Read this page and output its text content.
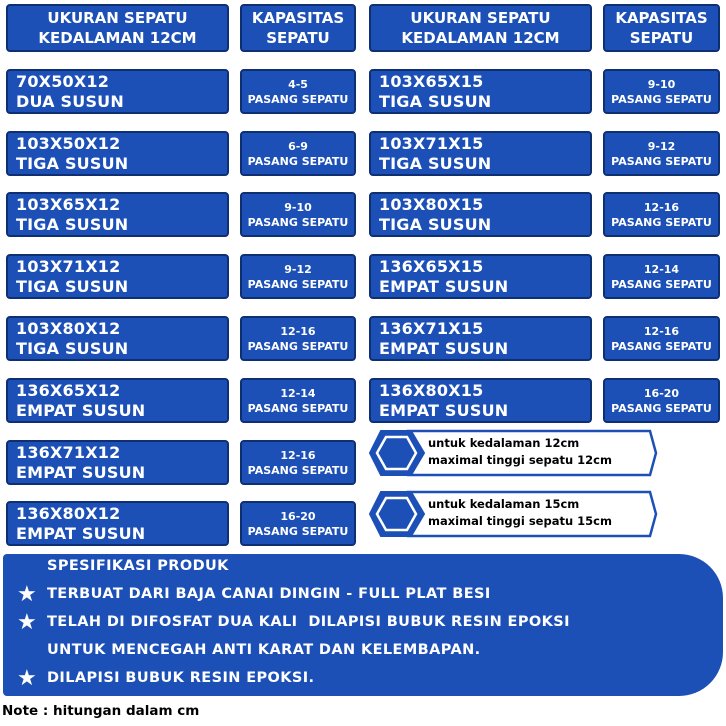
UKURAN SEPATU
KEDALAMAN 12CM
KAPASITAS
SEPATU
UKURAN SEPATU
KEDALAMAN 12CM
KAPASITAS
SEPATU
70X50X12
DUA SUSUN
4-5
PASANG SEPATU
103X50X12
TIGA SUSUN
6-9
PASANG SEPATU
103X65X12
TIGA SUSUN
9-10
PASANG SEPATU
103X71X12
TIGA SUSUN
9-12
PASANG SEPATU
103X80X12
TIGA SUSUN
12-16
PASANG SEPATU
136X65X12
EMPAT SUSUN
12-14
PASANG SEPATU
136X71X12
EMPAT SUSUN
12-16
PASANG SEPATU
136X80X12
EMPAT SUSUN
16-20
PASANG SEPATU
103X65X15
TIGA SUSUN
9-10
PASANG SEPATU
103X71X15
TIGA SUSUN
9-12
PASANG SEPATU
103X80X15
TIGA SUSUN
12-16
PASANG SEPATU
136X65X15
EMPAT SUSUN
12-14
PASANG SEPATU
136X71X15
EMPAT SUSUN
12-16
PASANG SEPATU
136X80X15
EMPAT SUSUN
16-20
PASANG SEPATU
untuk kedalaman 12cm
maximal tinggi sepatu 12cm
untuk kedalaman 15cm
maximal tinggi sepatu 15cm
SPESIFIKASI PRODUK
★ TERBUAT DARI BAJA CANAI DINGIN - FULL PLAT BESI
★ TELAH DI DIFOSFAT DUA KALI  DILAPISI BUBUK RESIN EPOKSI
UNTUK MENCEGAH ANTI KARAT DAN KELEMBAPAN.
★ DILAPISI BUBUK RESIN EPOKSI.
Note : hitungan dalam cm
